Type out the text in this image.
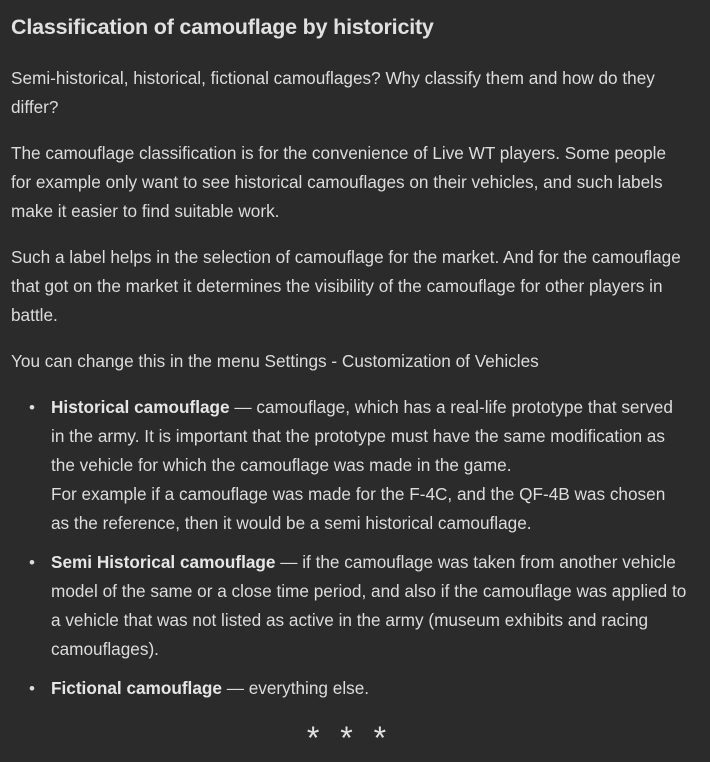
Classification of camouflage by historicity

Semi-historical, historical, fictional camouflages? Why classify them and how do they differ?

The camouflage classification is for the convenience of Live WT players. Some people for example only want to see historical camouflages on their vehicles, and such labels make it easier to find suitable work.

Such a label helps in the selection of camouflage for the market. And for the camouflage that got on the market it determines the visibility of the camouflage for other players in battle.

You can change this in the menu Settings - Customization of Vehicles

• Historical camouflage — camouflage, which has a real-life prototype that served in the army. It is important that the prototype must have the same modification as the vehicle for which the camouflage was made in the game.
For example if a camouflage was made for the F-4C, and the QF-4B was chosen as the reference, then it would be a semi historical camouflage.
• Semi Historical camouflage — if the camouflage was taken from another vehicle model of the same or a close time period, and also if the camouflage was applied to a vehicle that was not listed as active in the army (museum exhibits and racing camouflages).
• Fictional camouflage — everything else.
* * *
